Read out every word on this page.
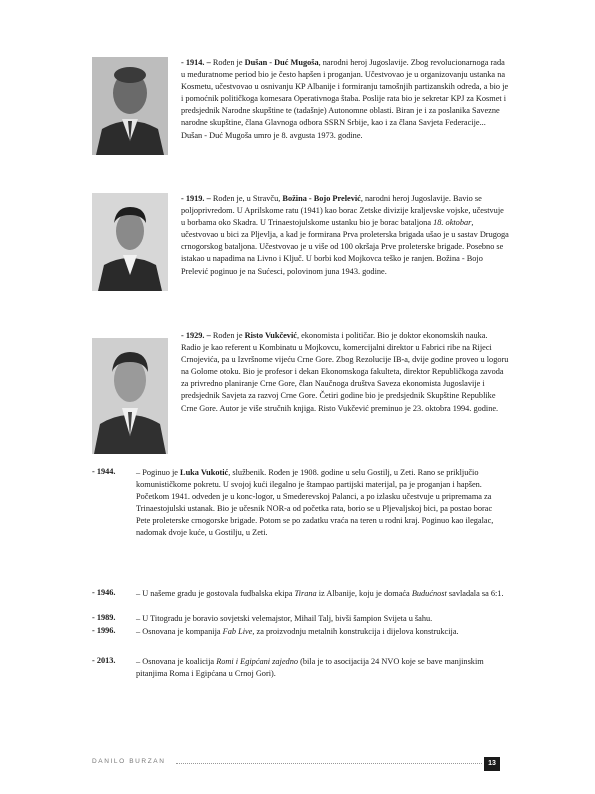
- 1914. – Rođen je Dušan - Duć Mugoša, narodni heroj Jugoslavije. Zbog revolucionarnoga rada u međuratnome period bio je često hapšen i proganjan. Učestvovao je u organizovanju ustanka na Kosmetu, učestvovao u osnivanju KP Albanije i formiranju tamošnjih partizanskih odreda, a bio je i pomoćnik političkoga komesara Operativnoga štaba. Poslije rata bio je sekretar KPJ za Kosmet i predsjednik Narodne skupštine te (tadašnje) Autonomne oblasti. Biran je i za poslanika Savezne narodne skupštine, člana Glavnoga odbora SSRN Srbije, kao i za člana Savjeta Federacije... Dušan - Duć Mugoša umro je 8. avgusta 1973. godine.
- 1919. – Rođen je, u Stravču, Božina - Bojo Prelević, narodni heroj Jugoslavije. Bavio se poljoprivredom. U Aprilskome ratu (1941) kao borac Zetske divizije kraljevske vojske, učestvuje u borbama oko Skadra. U Trinaestojulskome ustanku bio je borac bataljona 18. oktobar, učestvovao u bici za Pljevlja, a kad je formirana Prva proleterska brigada ušao je u sastav Drugoga crnogorskog bataljona. Učestvovao je u više od 100 okršaja Prve proleterske brigade. Posebno se istakao u napadima na Livno i Ključ. U borbi kod Mojkovca teško je ranjen. Božina - Bojo Prelević poginuo je na Sućesci, polovinom juna 1943. godine.
- 1929. – Rođen je Risto Vukčević, ekonomista i političar. Bio je doktor ekonomskih nauka. Radio je kao referent u Kombinatu u Mojkovcu, komercijalni direktor u Fabrici ribe na Rijeci Crnojevića, pa u Izvršnome vijeću Crne Gore. Zbog Rezolucije IB-a, dvije godine proveo u logoru na Golome otoku. Bio je profesor i dekan Ekonomskoga fakulteta, direktor Republičkoga zavoda za privredno planiranje Crne Gore, član Naučnoga društva Saveza ekonomista Jugoslavije i predsjednik Savjeta za razvoj Crne Gore. Četiri godine bio je predsjednik Skupštine Republike Crne Gore. Autor je više stručnih knjiga. Risto Vukčević preminuo je 23. oktobra 1994. godine.
- 1944. – Poginuo je Luka Vukotić, službenik. Rođen je 1908. godine u selu Gostilj, u Zeti. Rano se priključio komunističkome pokretu. U svojoj kući ilegalno je štampao partijski materijal, pa je proganjan i hapšen. Početkom 1941. odveden je u konc-logor, u Smederevskoj Palanci, a po izlasku učestvuje u pripremama za Trinaestojulski ustanak. Bio je učesnik NOR-a od početka rata, borio se u Pljevaljskoj bici, pa postao borac Pete proleterske crnogorske brigade. Potom se po zadatku vraća na teren u rodni kraj. Poginuo kao ilegalac, nadomak dvoje kuće, u Gostilju, u Zeti.
- 1946. – U našeme gradu je gostovala fudbalska ekipa Tirana iz Albanije, koju je domaća Budućnost savladala sa 6:1.
- 1989. – U Titogradu je boravio sovjetski velemajstor, Mihail Talj, bivši šampion Svijeta u šahu.
- 1996. – Osnovana je kompanija Fab Live, za proizvodnju metalnih konstrukcija i dijelova konstrukcija.
- 2013. – Osnovana je koalicija Romi i Egipćani zajedno (bila je to asocijacija 24 NVO koje se bave manjinskim pitanjima Roma i Egipćana u Crnoj Gori).
DANILO BURZAN	13
